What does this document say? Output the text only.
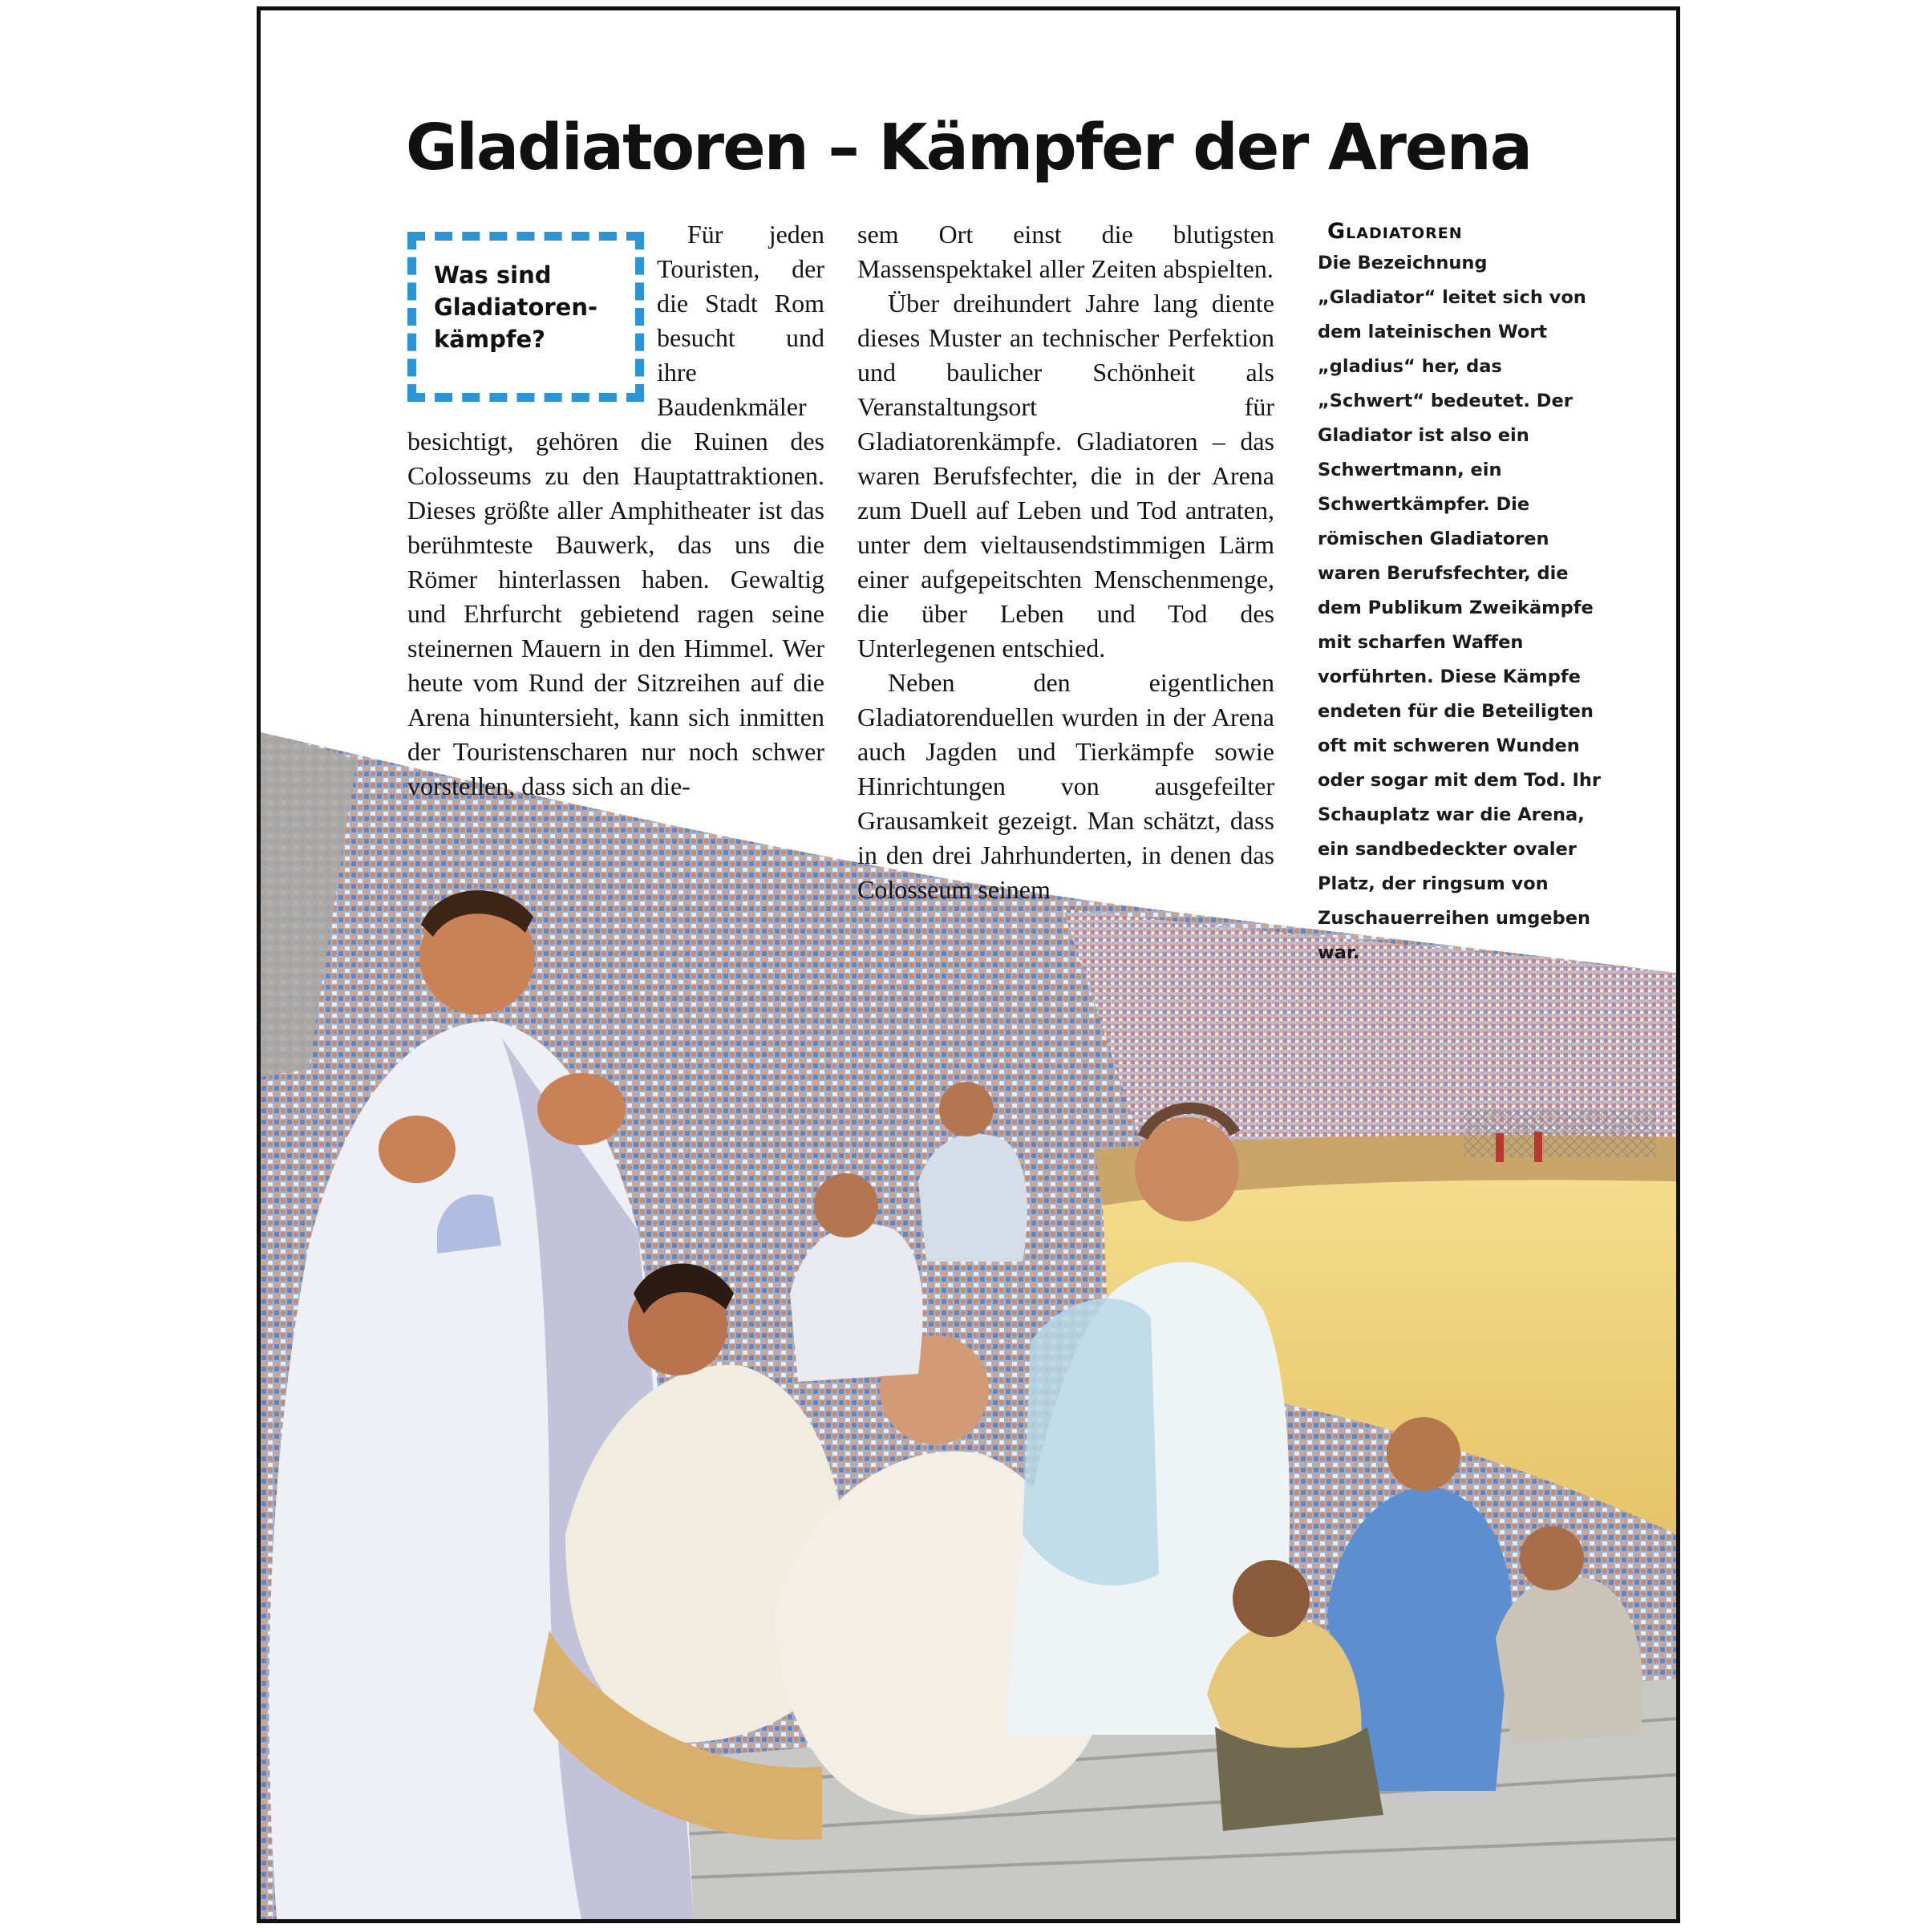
Gladiatoren – Kämpfer der Arena
Was sind Gladiatoren-kämpfe?

Für jeden Touristen, der die Stadt Rom besucht und ihre Baudenkmäler besichtigt, gehören die Ruinen des Colosseums zu den Hauptattraktionen. Dieses größte aller Amphitheater ist das berühmteste Bauwerk, das uns die Römer hinterlassen haben. Gewaltig und Ehrfurcht gebietend ragen seine steinernen Mauern in den Himmel. Wer heute vom Rund der Sitzreihen auf die Arena hinuntersieht, kann sich inmitten der Touristenscharen nur noch schwer vorstellen, dass sich an die-

sem Ort einst die blutigsten Massenspektakel aller Zeiten abspielten.

Über dreihundert Jahre lang diente dieses Muster an technischer Perfektion und baulicher Schönheit als Veranstaltungsort für Gladiatorenkämpfe. Gladiatoren – das waren Berufsfechter, die in der Arena zum Duell auf Leben und Tod antraten, unter dem vieltausendstimmigen Lärm einer aufgepeitschten Menschenmenge, die über Leben und Tod des Unterlegenen entschied.

Neben den eigentlichen Gladiatorenduellen wurden in der Arena auch Jagden und Tierkämpfe sowie Hinrichtungen von ausgefeilter Grausamkeit gezeigt. Man schätzt, dass in den drei Jahrhunderten, in denen das Colosseum seinem

Gladiatoren

Die Bezeichnung „Gladiator“ leitet sich von dem lateinischen Wort „gladius“ her, das „Schwert“ bedeutet. Der Gladiator ist also ein Schwertmann, ein Schwertkämpfer. Die römischen Gladiatoren waren Berufsfechter, die dem Publikum Zweikämpfe mit scharfen Waffen vorführten. Diese Kämpfe endeten für die Beteiligten oft mit schweren Wunden oder sogar mit dem Tod. Ihr Schauplatz war die Arena, ein sandbedeckter ovaler Platz, der ringsum von Zuschauerreihen umgeben war.
